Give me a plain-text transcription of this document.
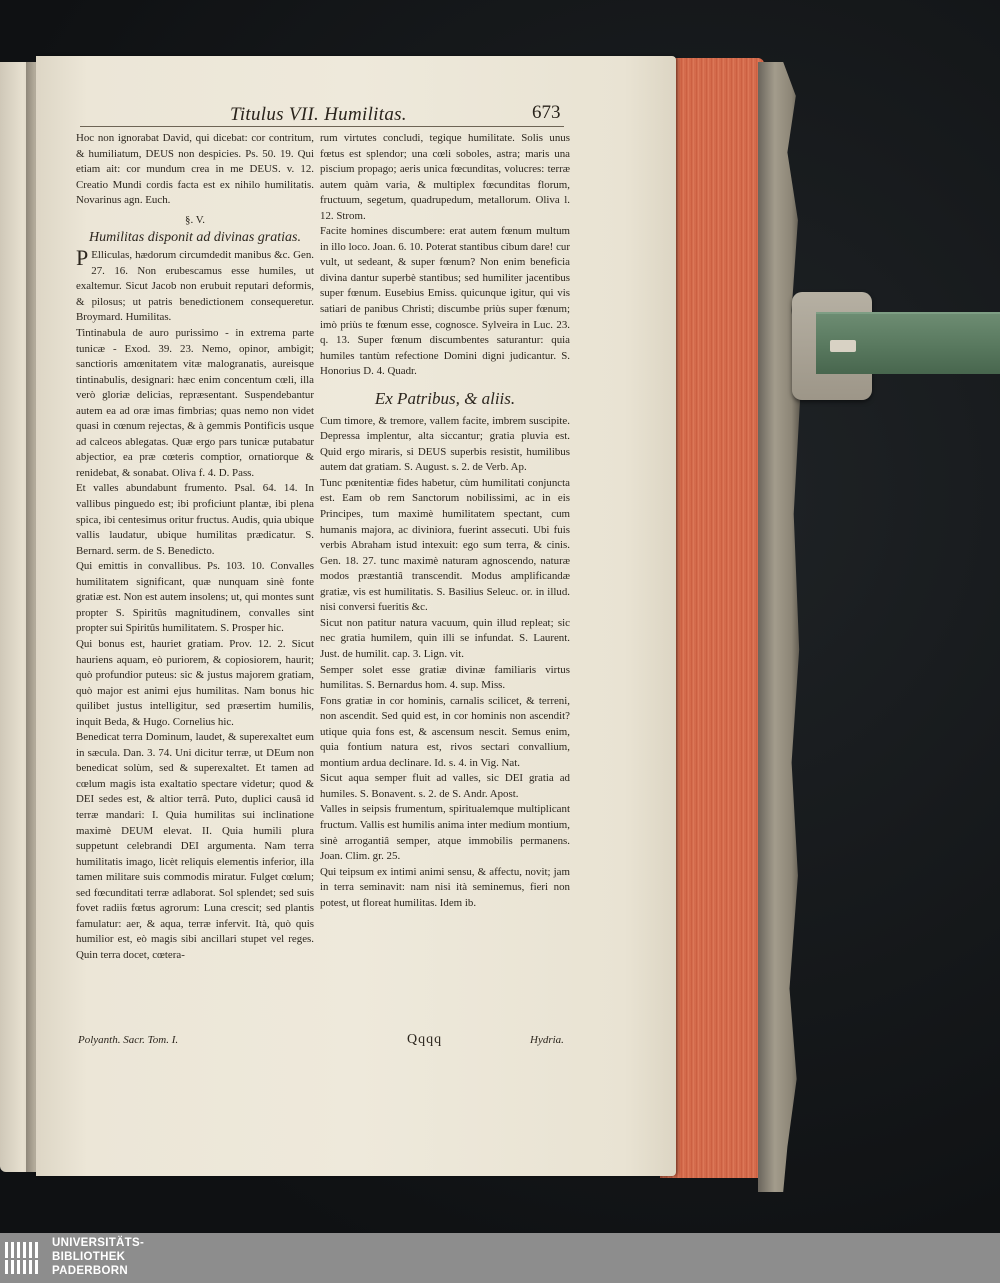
Titulus VII. Humilitas.	673
Hoc non ignorabat David, qui dicebat: cor contritum, & humiliatum, DEUS non despicies. Ps. 50. 19. Qui etiam ait: cor mundum crea in me DEUS. v. 12. Creatio Mundi cordis facta est ex nihilo humilitatis. Novarinus agn. Euch.
§. V.
Humilitas disponit ad divinas gratias.
P Elliculas, hædorum circumdedit manibus &c. Gen. 27. 16. Non erubescamus esse humiles, ut exaltemur. Sicut Jacob non erubuit reputari deformis, & pilosus; ut patris benedictionem consequeretur. Broymard. Humilitas.
Tintinabula de auro purissimo - in extrema parte tunicæ - Exod. 39. 23. Nemo, opinor, ambigit; sanctioris amœnitatem vitæ malogranatis, aureisque tintinabulis, designari: hæc enim concentum cœli, illa verò gloriæ delicias, repræsentant. Suspendebantur autem ea ad oræ imas fimbrias; quas nemo non videt quasi in cœnum rejectas, & à gemmis Pontificis usque ad calceos ablegatas. Quæ ergo pars tunicæ putabatur abjectior, ea præ cœteris comptior, ornatiorque & renidebat, & sonabat. Oliva f. 4. D. Pass.
Et valles abundabunt frumento. Psal. 64. 14. In vallibus pinguedo est; ibi proficiunt plantæ, ibi plena spica, ibi centesimus oritur fructus. Audis, quia ubique vallis laudatur, ubique humilitas prædicatur. S. Bernard. serm. de S. Benedicto.
Qui emittis in convallibus. Ps. 103. 10. Convalles humilitatem significant, quæ nunquam sinè fonte gratiæ est. Non est autem insolens; ut, qui montes sunt propter S. Spiritûs magnitudinem, convalles sint propter sui Spiritûs humilitatem. S. Prosper hic.
Qui bonus est, hauriet gratiam. Prov. 12. 2. Sicut hauriens aquam, eò puriorem, & copiosiorem, haurit; quò profundior puteus: sic & justus majorem gratiam, quò major est animi ejus humilitas. Nam bonus hic quilibet justus intelligitur, sed præsertim humilis, inquit Beda, & Hugo. Cornelius hic.
Benedicat terra Dominum, laudet, & superexaltet eum in sæcula. Dan. 3. 74. Uni dicitur terræ, ut DEum non benedicat solùm, sed & superexaltet. Et tamen ad cœlum magis ista exaltatio spectare videtur; quod & DEI sedes est, & altior terrâ. Puto, duplici causâ id terræ mandari: I. Quia humilitas sui inclinatione maximè DEUM elevat. II. Quia humili plura suppetunt celebrandi DEI argumenta. Nam terra humilitatis imago, licèt reliquis elementis inferior, illa tamen militare suis commodis miratur. Fulget cœlum; sed fœcunditati terræ adlaborat. Sol splendet; sed suis fovet radiis fœtus agrorum: Luna crescit; sed plantis famulatur: aer, & aqua, terræ infervit. Ità, quò quis humilior est, eò magis sibi ancillari stupet vel reges. Quin terra docet, cœtera-
rum virtutes concludi, tegique humilitate. Solis unus fœtus est splendor; una cœli soboles, astra; maris una piscium propago; aeris unica fœcunditas, volucres: terræ autem quàm varia, & multiplex fœcunditas florum, fructuum, segetum, quadrupedum, metallorum. Oliva l. 12. Strom.
Facite homines discumbere: erat autem fœnum multum in illo loco. Joan. 6. 10. Poterat stantibus cibum dare! cur vult, ut sedeant, & super fœnum? Non enim beneficia divina dantur superbè stantibus; sed humiliter jacentibus super fœnum. Eusebius Emiss. quicunque igitur, qui vis satiari de panibus Christi; discumbe priùs super fœnum; imò priùs te fœnum esse, cognosce. Sylveira in Luc. 23. q. 13. Super fœnum discumbentes saturantur: quia humiles tantùm refectione Domini digni judicantur. S. Honorius D. 4. Quadr.
Ex Patribus, & aliis.
Cum timore, & tremore, vallem facite, imbrem suscipite. Depressa implentur, alta siccantur; gratia pluvia est. Quid ergo miraris, si DEUS superbis resistit, humilibus autem dat gratiam. S. August. s. 2. de Verb. Ap.
Tunc pœnitentiæ fides habetur, cùm humilitati conjuncta est. Eam ob rem Sanctorum nobilissimi, ac in eis Principes, tum maximè humilitatem spectant, cum humanis majora, ac diviniora, fuerint assecuti. Ubi fuis verbis Abraham istud intexuit: ego sum terra, & cinis. Gen. 18. 27. tunc maximè naturam agnoscendo, naturæ modos præstantiâ transcendit. Modus amplificandæ gratiæ, vis est humilitatis. S. Basilius Seleuc. or. in illud. nisi conversi fueritis &c.
Sicut non patitur natura vacuum, quin illud repleat; sic nec gratia humilem, quin illi se infundat. S. Laurent. Just. de humilit. cap. 3. Lign. vit.
Semper solet esse gratiæ divinæ familiaris virtus humilitas. S. Bernardus hom. 4. sup. Miss.
Fons gratiæ in cor hominis, carnalis scilicet, & terreni, non ascendit. Sed quid est, in cor hominis non ascendit? utique quia fons est, & ascensum nescit. Semus enim, quia fontium natura est, rivos sectari convallium, montium ardua declinare. Id. s. 4. in Vig. Nat.
Sicut aqua semper fluit ad valles, sic DEI gratia ad humiles. S. Bonavent. s. 2. de S. Andr. Apost.
Valles in seipsis frumentum, spiritualemque multiplicant fructum. Vallis est humilis anima inter medium montium, sinè arrogantiâ semper, atque immobilis permanens. Joan. Clim. gr. 25.
Qui teipsum ex intimi animi sensu, & affectu, novit; jam in terra seminavit: nam nisi ità seminemus, fieri non potest, ut floreat humilitas. Idem ib.
Polyanth. Sacr. Tom. I.	Qqqq	Hydria.
UNIVERSITÄTS-
BIBLIOTHEK
PADERBORN
